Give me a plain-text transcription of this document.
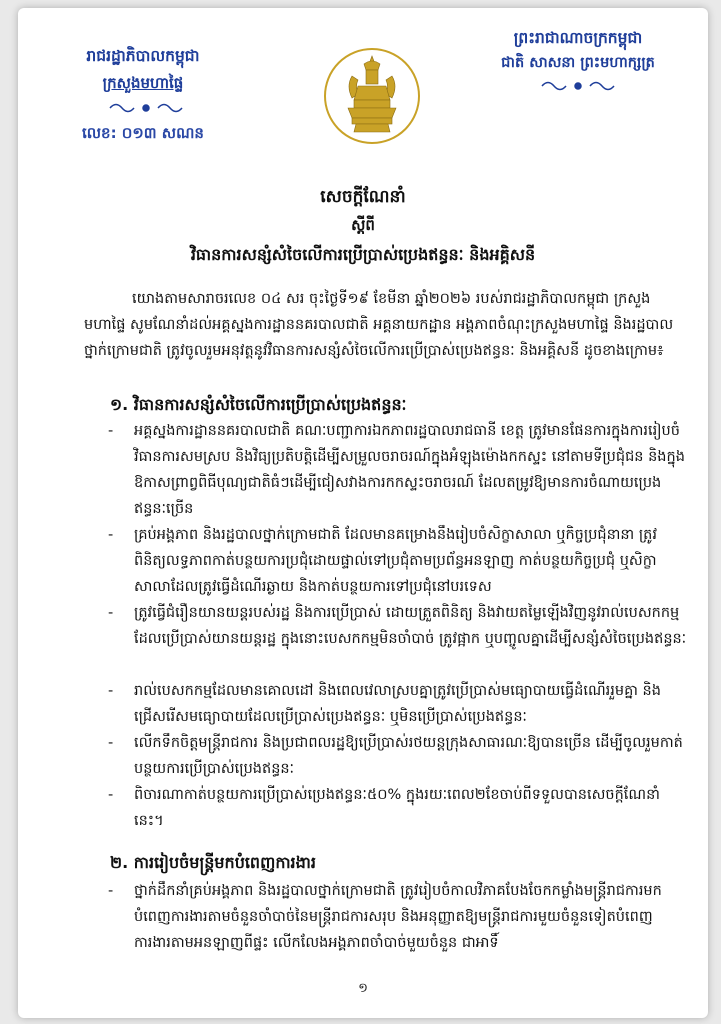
រាជរដ្ឋាភិបាលកម្ពុជា
ក្រសួងមហាផ្ទៃ
លេខ: ០១៣ សណន
ព្រះរាជាណាចក្រកម្ពុជា
ជាតិ សាសនា ព្រះមហាក្សត្រ
សេចក្តីណែនាំ
ស្តីពី
វិធានការសន្សំសំចៃលើការប្រើប្រាស់ប្រេងឥន្ធនៈ និងអគ្គិសនី
យោងតាមសារាចរលេខ ០៤ សរ ចុះថ្ងៃទី១៩ ខែមីនា ឆ្នាំ២០២៦ របស់រាជរដ្ឋាភិបាលកម្ពុជា ក្រសួងមហាផ្ទៃ សូមណែនាំដល់អគ្គស្នងការដ្ឋាននគរបាលជាតិ អគ្គនាយកដ្ឋាន អង្គភាពចំណុះក្រសួងមហាផ្ទៃ និងរដ្ឋបាលថ្នាក់ក្រោមជាតិ ត្រូវចូលរួមអនុវត្តនូវវិធានការសន្សំសំចៃលើការប្រើប្រាស់ប្រេងឥន្ធនៈ និងអគ្គិសនី ដូចខាងក្រោម៖
១. វិធានការសន្សំសំចៃលើការប្រើប្រាស់ប្រេងឥន្ធនៈ
- អគ្គស្នងការដ្ឋាននគរបាលជាតិ គណៈបញ្ជាការឯកភាពរដ្ឋបាលរាជធានី ខេត្ត ត្រូវមានផែនការក្នុងការរៀបចំវិធានការសមស្រប និងវិធ្យប្រតិបត្តិដើម្បីសម្រួលចរាចរណ៍ក្នុងអំឡុងម៉ោងកកស្ទះ នៅតាមទីប្រជុំជន និងក្នុងឱកាសព្រាព្វពិធីបុណ្យជាតិធំៗដើម្បីជៀសវាងការកកស្ទះចរាចរណ៍ ដែលតម្រូវឱ្យមានការចំណាយប្រេងឥន្ធនៈច្រើន
- គ្រប់អង្គភាព និងរដ្ឋបាលថ្នាក់ក្រោមជាតិ ដែលមានគម្រោងនឹងរៀបចំសិក្ខាសាលា ឬកិច្ចប្រជុំនានា ត្រូវពិនិត្យលទ្ធភាពកាត់បន្ថយការប្រជុំដោយផ្ទាល់ទៅប្រជុំតាមប្រព័ន្ធអនឡាញ កាត់បន្ថយកិច្ចប្រជុំ ឬសិក្ខាសាលាដែលត្រូវធ្វើដំណើរឆ្ងាយ និងកាត់បន្ថយការទៅប្រជុំនៅបរទេស
- ត្រូវធ្វើជំរឿនយានយន្តរបស់រដ្ឋ និងការប្រើប្រាស់ ដោយត្រួតពិនិត្យ និងវាយតម្លៃឡើងវិញនូវរាល់បេសកកម្មដែលប្រើប្រាស់យានយន្តរដ្ឋ ក្នុងនោះបេសកកម្មមិនចាំបាច់ ត្រូវផ្អាក ឬបញ្ចូលគ្នាដើម្បីសន្សំសំចៃប្រេងឥន្ធនៈ
- រាល់បេសកកម្មដែលមានគោលដៅ និងពេលវេលាស្របគ្នាត្រូវប្រើប្រាស់មធ្យោបាយធ្វើដំណើររួមគ្នា និងជ្រើសរើសមធ្យោបាយដែលប្រើប្រាស់ប្រេងឥន្ធនៈ ឬមិនប្រើប្រាស់ប្រេងឥន្ធនៈ
- លើកទឹកចិត្តមន្ត្រីរាជការ និងប្រជាពលរដ្ឋឱ្យប្រើប្រាស់រថយន្តក្រុងសាធារណៈឱ្យបានច្រើន ដើម្បីចូលរួមកាត់បន្ថយការប្រើប្រាស់ប្រេងឥន្ធនៈ
- ពិចារណាកាត់បន្ថយការប្រើប្រាស់ប្រេងឥន្ធនៈ៥០% ក្នុងរយៈពេល២ខែចាប់ពីទទួលបានសេចក្តីណែនាំនេះ។
២. ការរៀបចំមន្ត្រីមកបំពេញការងារ
- ថ្នាក់ដឹកនាំគ្រប់អង្គភាព និងរដ្ឋបាលថ្នាក់ក្រោមជាតិ ត្រូវរៀបចំកាលវិភាគបែងចែកកម្លាំងមន្ត្រីរាជការមកបំពេញការងារតាមចំនួនចាំបាច់នៃមន្ត្រីរាជការសរុប និងអនុញ្ញាតឱ្យមន្ត្រីរាជការមួយចំនួនទៀតបំពេញការងារតាមអនឡាញពីផ្ទះ លើកលែងអង្គភាពចាំបាច់មួយចំនួន ជាអាទិ៍
១
